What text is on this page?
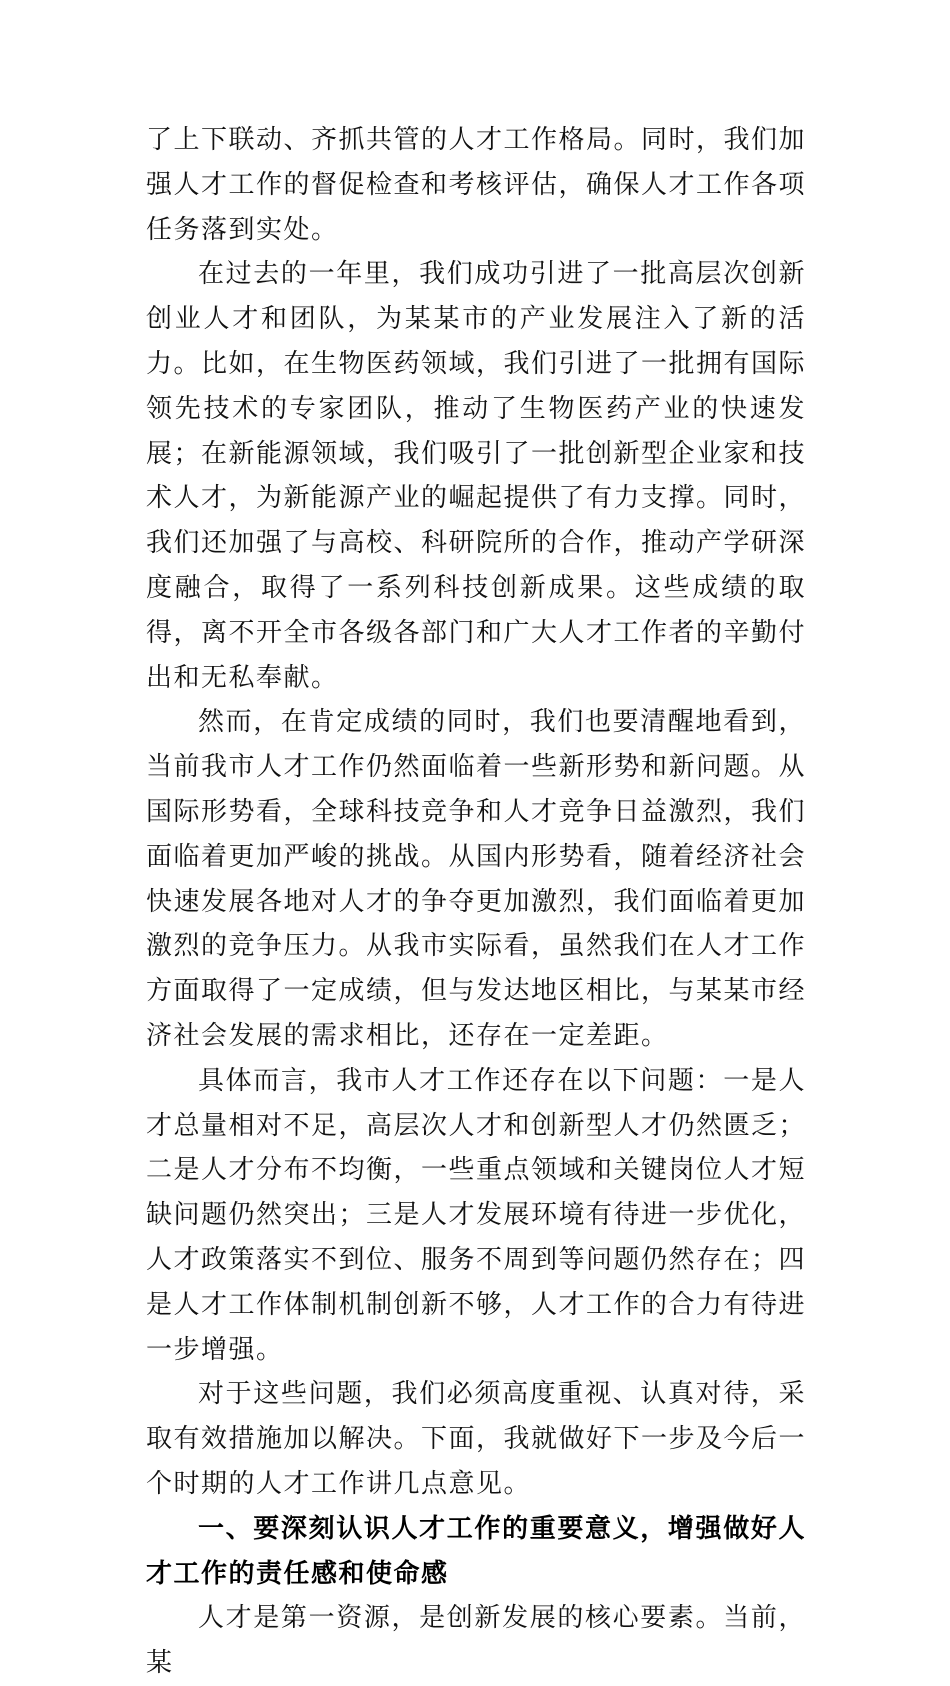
了上下联动、齐抓共管的人才工作格局。同时，我们加强人才工作的督促检查和考核评估，确保人才工作各项任务落到实处。

在过去的一年里，我们成功引进了一批高层次创新创业人才和团队，为某某市的产业发展注入了新的活力。比如，在生物医药领域，我们引进了一批拥有国际领先技术的专家团队，推动了生物医药产业的快速发展；在新能源领域，我们吸引了一批创新型企业家和技术人才，为新能源产业的崛起提供了有力支撑。同时，我们还加强了与高校、科研院所的合作，推动产学研深度融合，取得了一系列科技创新成果。这些成绩的取得，离不开全市各级各部门和广大人才工作者的辛勤付出和无私奉献。

然而，在肯定成绩的同时，我们也要清醒地看到，当前我市人才工作仍然面临着一些新形势和新问题。从国际形势看，全球科技竞争和人才竞争日益激烈，我们面临着更加严峻的挑战。从国内形势看，随着经济社会快速发展各地对人才的争夺更加激烈，我们面临着更加激烈的竞争压力。从我市实际看，虽然我们在人才工作方面取得了一定成绩，但与发达地区相比，与某某市经济社会发展的需求相比，还存在一定差距。

具体而言，我市人才工作还存在以下问题：一是人才总量相对不足，高层次人才和创新型人才仍然匮乏；二是人才分布不均衡，一些重点领域和关键岗位人才短缺问题仍然突出；三是人才发展环境有待进一步优化，人才政策落实不到位、服务不周到等问题仍然存在；四是人才工作体制机制创新不够，人才工作的合力有待进一步增强。

对于这些问题，我们必须高度重视、认真对待，采取有效措施加以解决。下面，我就做好下一步及今后一个时期的人才工作讲几点意见。

一、要深刻认识人才工作的重要意义，增强做好人才工作的责任感和使命感

人才是第一资源，是创新发展的核心要素。当前，某
